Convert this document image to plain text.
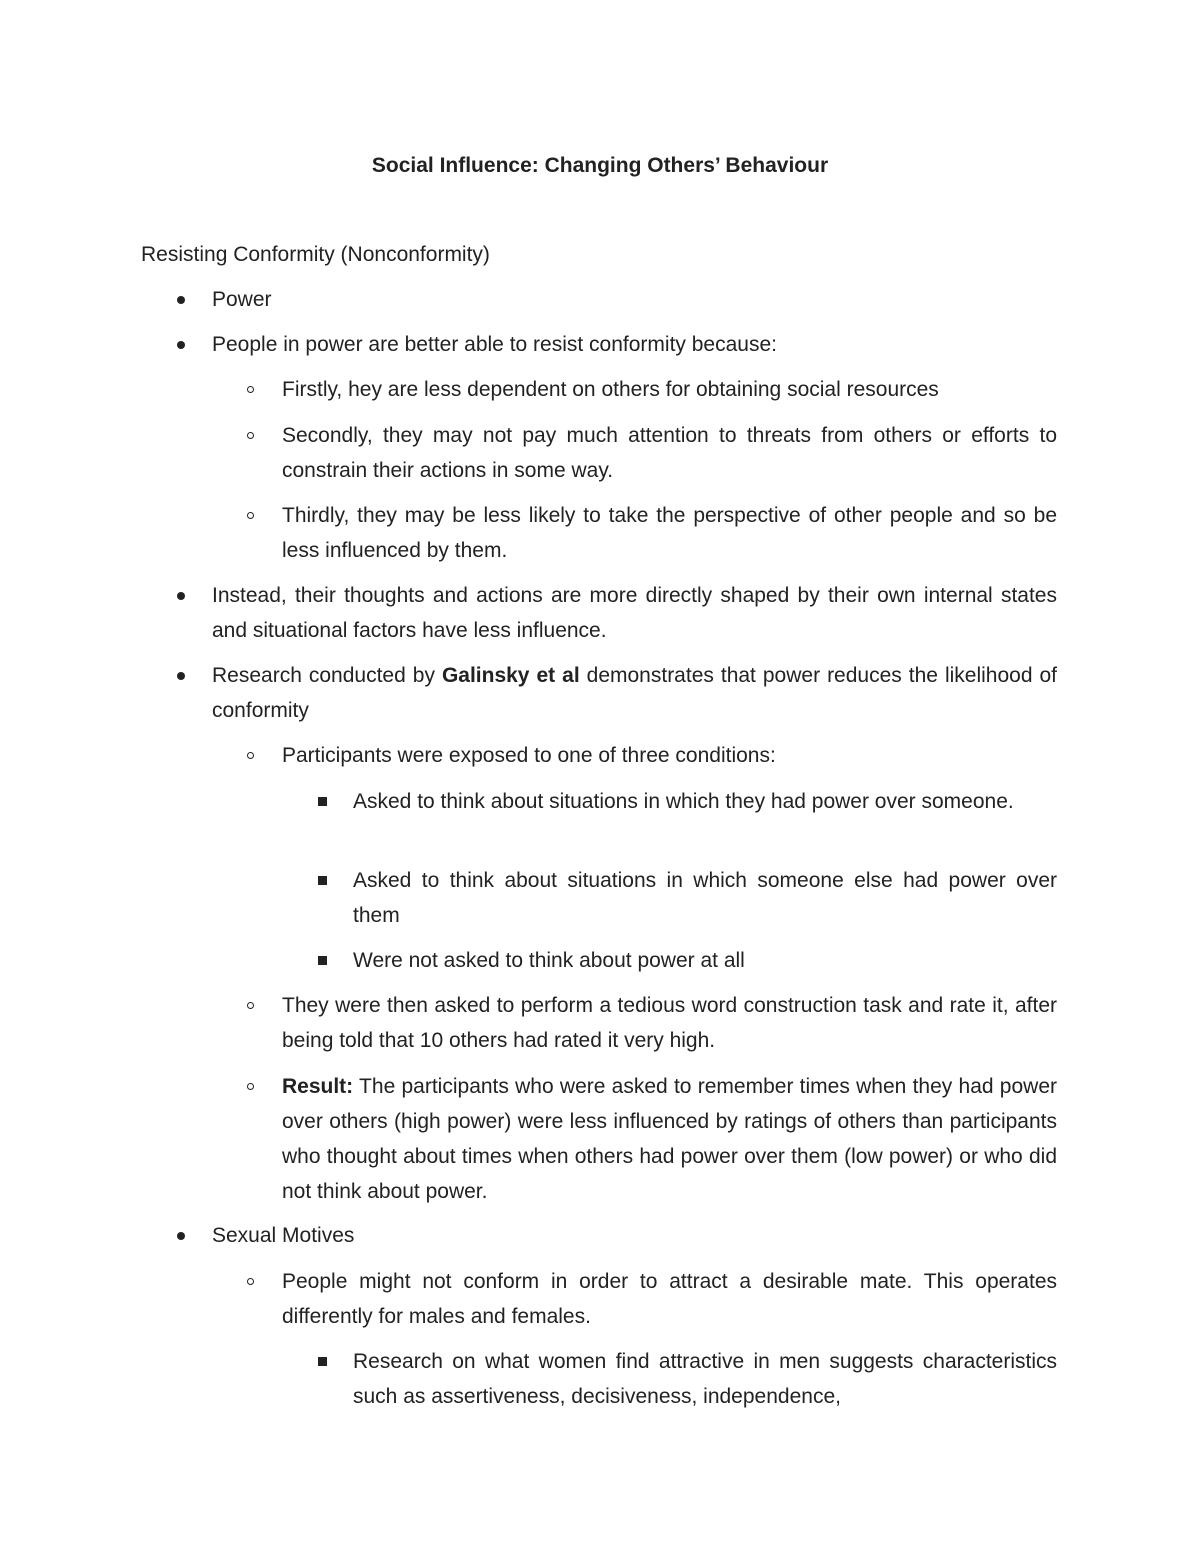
Social Influence: Changing Others’ Behaviour
Resisting Conformity (Nonconformity)
Power
People in power are better able to resist conformity because:
Firstly, hey are less dependent on others for obtaining social resources
Secondly, they may not pay much attention to threats from others or efforts to constrain their actions in some way.
Thirdly, they may be less likely to take the perspective of other people and so be less influenced by them.
Instead, their thoughts and actions are more directly shaped by their own internal states and situational factors have less influence.
Research conducted by Galinsky et al demonstrates that power reduces the likelihood of conformity
Participants were exposed to one of three conditions:
Asked to think about situations in which they had power over someone.
Asked to think about situations in which someone else had power over them
Were not asked to think about power at all
They were then asked to perform a tedious word construction task and rate it, after being told that 10 others had rated it very high.
Result: The participants who were asked to remember times when they had power over others (high power) were less influenced by ratings of others than participants who thought about times when others had power over them (low power) or who did not think about power.
Sexual Motives
People might not conform in order to attract a desirable mate. This operates differently for males and females.
Research on what women find attractive in men suggests characteristics such as assertiveness, decisiveness, independence,
